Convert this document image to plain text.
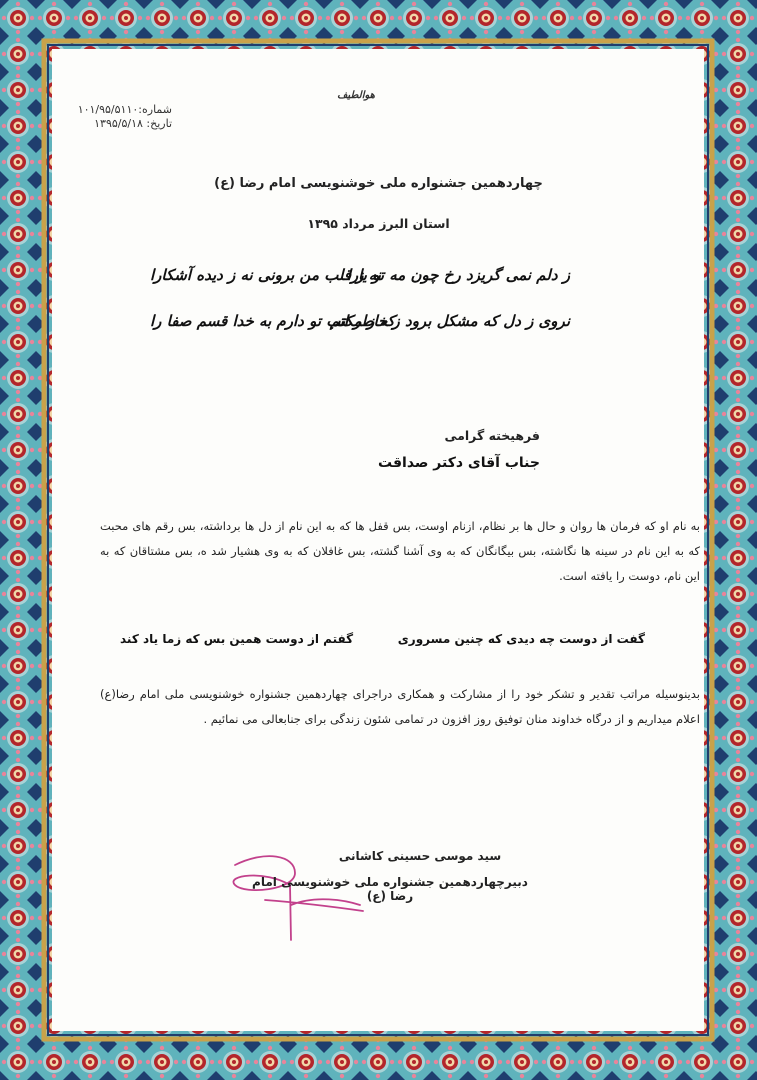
هوالطیف
شماره:۱۰۱/۹۵/۵۱۱۰
تاریخ: ۱۳۹۵/۵/۱۸
چهاردهمین جشنواره ملی خوشنویسی امام رضا (ع)
استان البرز مرداد ۱۳۹۵
ز دلم نمی گریزد رخ چون مه تو یارا
نه ز قلب من برونی نه ز دیده آشکارا
نروی ز دل که مشکل برود ز خاطر اتم
که ز مکتب تو دارم به خدا قسم صفا را
فرهیخته گرامی
جناب آقای دکتر صداقت
به نام او که فرمان ها روان و حال ها بر نظام، ازنام اوست، بس قفل ها که به این نام از دل ها برداشته، بس رقم های محبت که به این نام در سینه ها نگاشته، بس بیگانگان که به وی آشنا گشته، بس غافلان که به وی هشیار شد ه، بس مشتاقان که به این نام، دوست را یافته است.
گفت از دوست چه دیدی که چنین مسروری
گفتم از دوست همین بس که زما یاد کند
بدینوسیله مراتب تقدیر و تشکر خود را از مشارکت و همکاری دراجرای چهاردهمین جشنواره خوشنویسی ملی امام رضا(ع) اعلام میداریم و از درگاه خداوند منان توفیق روز افزون در تمامی شئون زندگی برای جنابعالی می نمائیم .
سید موسی حسینی کاشانی
دبیرچهاردهمین جشنواره ملی خوشنویسی امام رضا (ع)
